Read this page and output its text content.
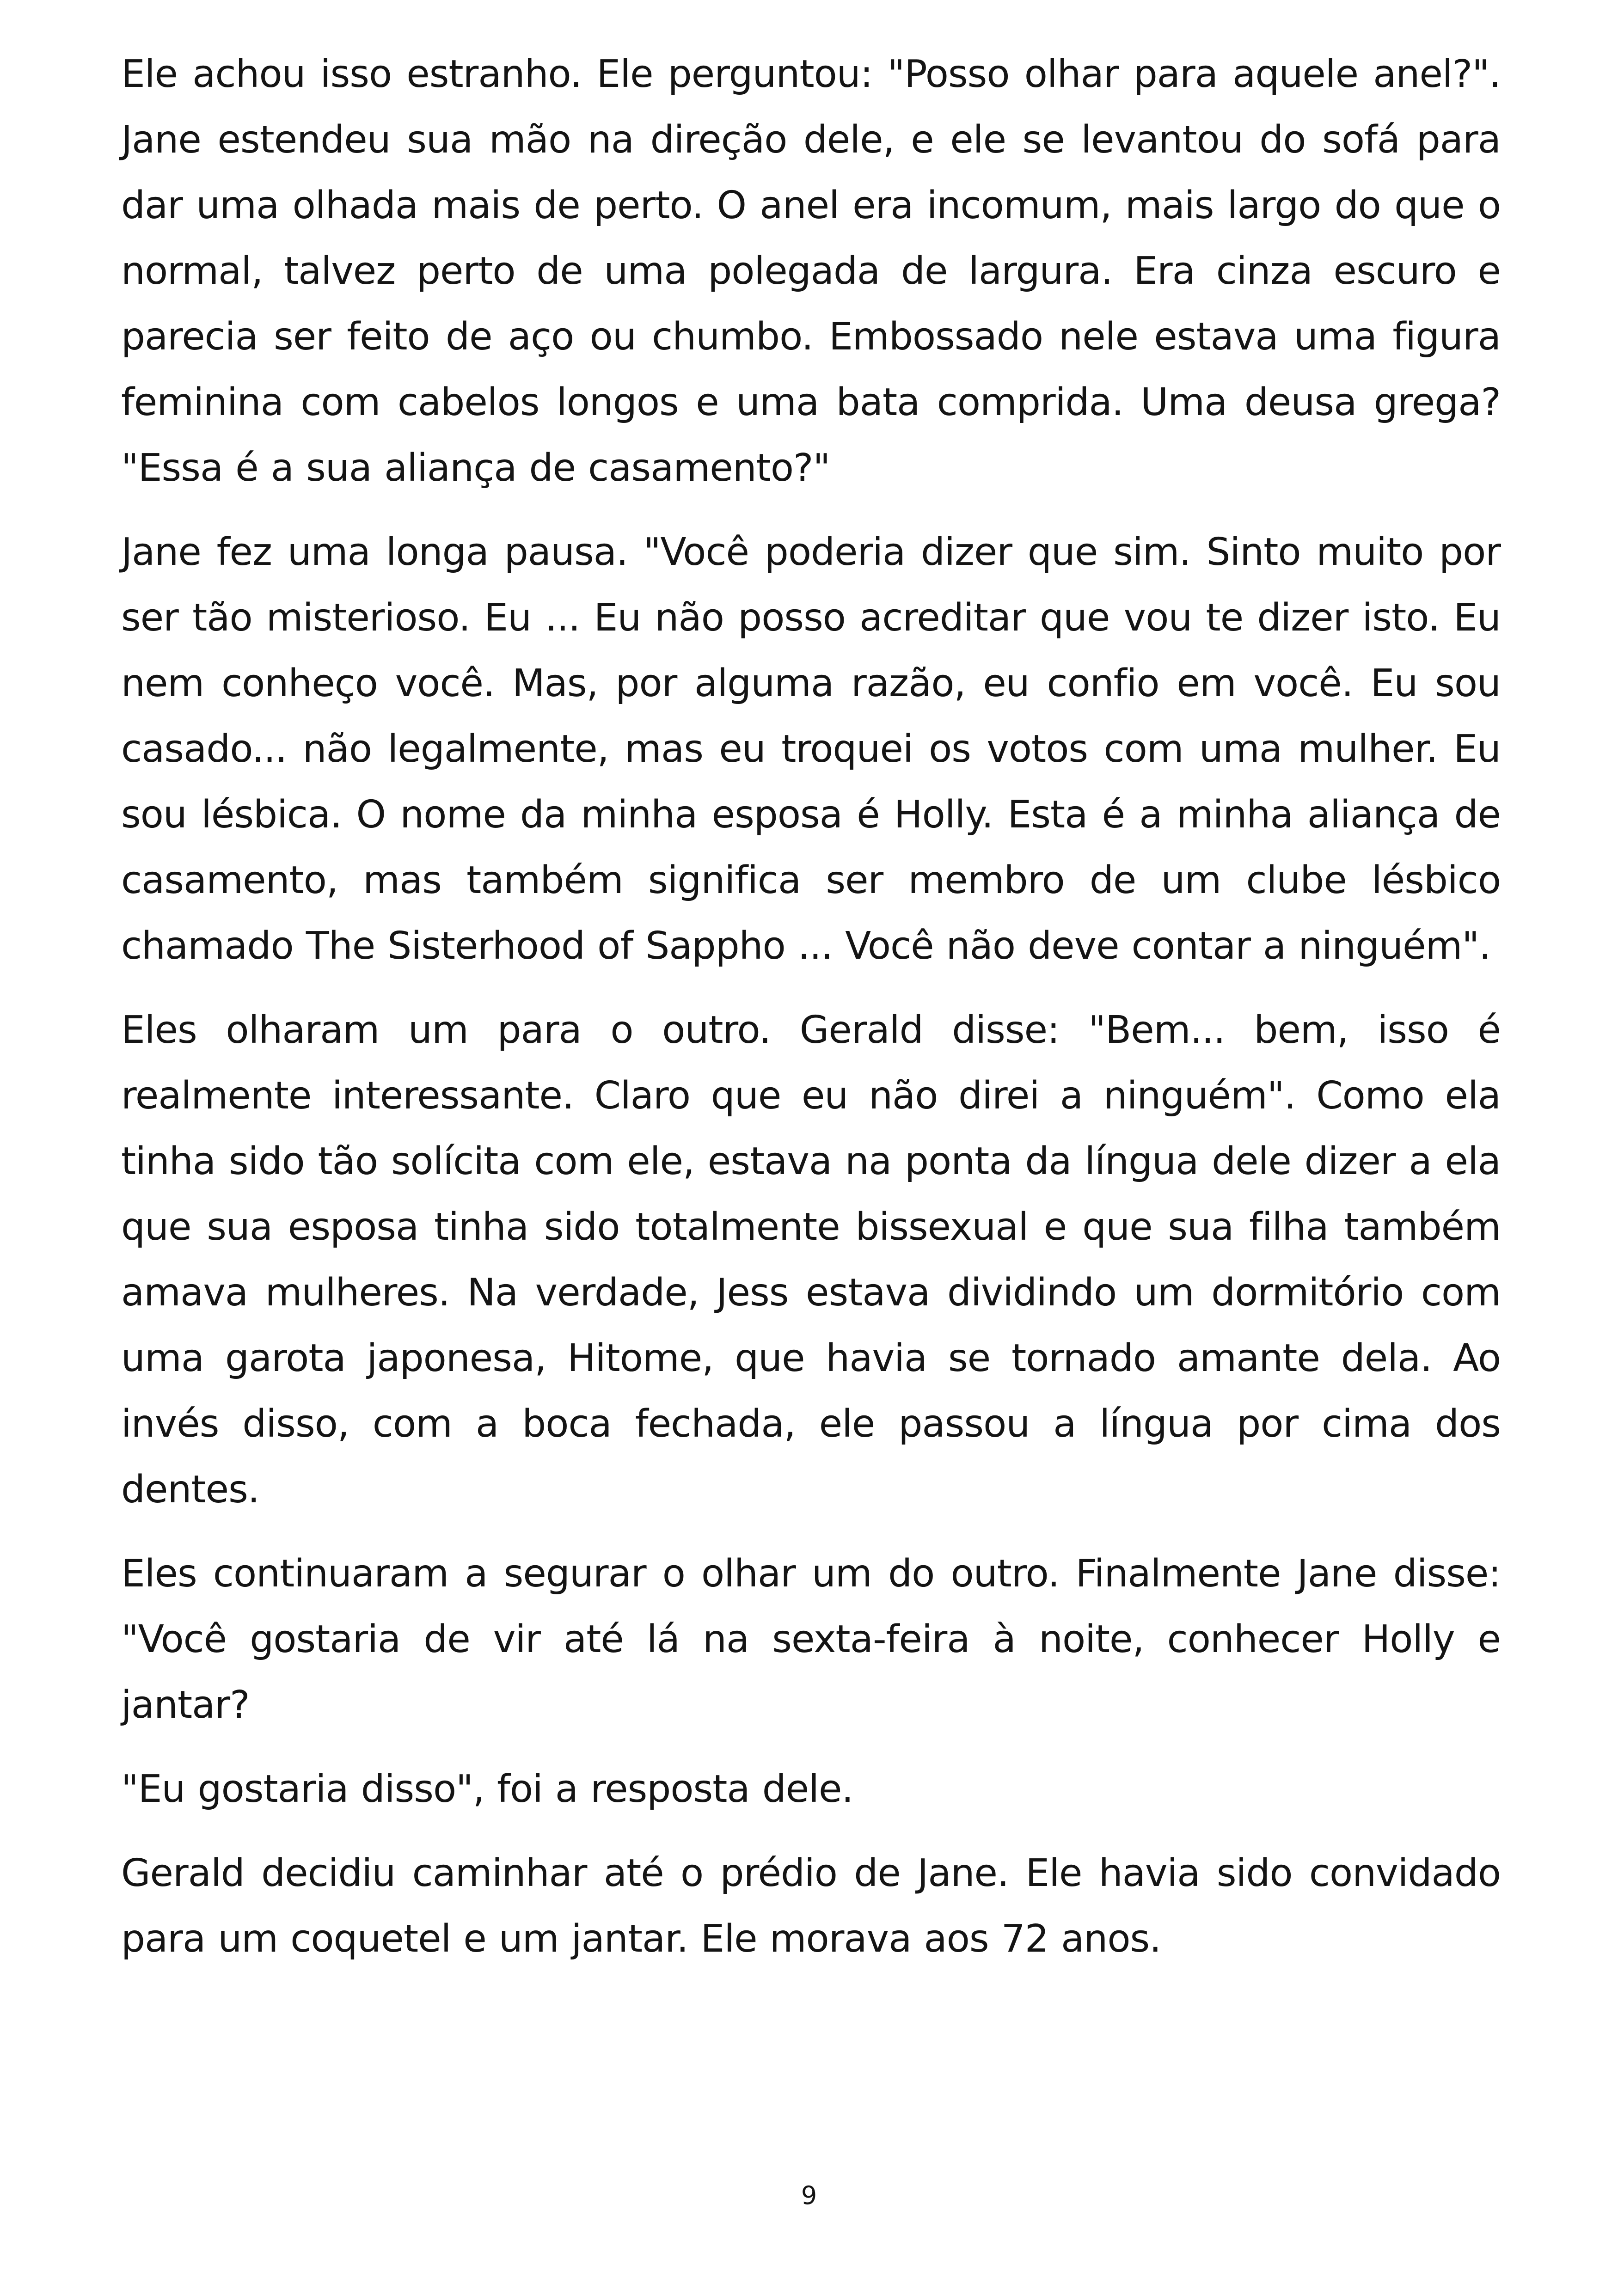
Ele achou isso estranho. Ele perguntou: "Posso olhar para aquele anel?". Jane estendeu sua mão na direção dele, e ele se levantou do sofá para dar uma olhada mais de perto. O anel era incomum, mais largo do que o normal, talvez perto de uma polegada de largura. Era cinza escuro e parecia ser feito de aço ou chumbo. Embossado nele estava uma figura feminina com cabelos longos e uma bata comprida. Uma deusa grega? "Essa é a sua aliança de casamento?"

Jane fez uma longa pausa. "Você poderia dizer que sim. Sinto muito por ser tão misterioso. Eu ... Eu não posso acreditar que vou te dizer isto. Eu nem conheço você. Mas, por alguma razão, eu confio em você. Eu sou casado... não legalmente, mas eu troquei os votos com uma mulher. Eu sou lésbica. O nome da minha esposa é Holly. Esta é a minha aliança de casamento, mas também significa ser membro de um clube lésbico chamado The Sisterhood of Sappho ... Você não deve contar a ninguém".

Eles olharam um para o outro. Gerald disse: "Bem... bem, isso é realmente interessante. Claro que eu não direi a ninguém". Como ela tinha sido tão solícita com ele, estava na ponta da língua dele dizer a ela que sua esposa tinha sido totalmente bissexual e que sua filha também amava mulheres. Na verdade, Jess estava dividindo um dormitório com uma garota japonesa, Hitome, que havia se tornado amante dela. Ao invés disso, com a boca fechada, ele passou a língua por cima dos dentes.

Eles continuaram a segurar o olhar um do outro. Finalmente Jane disse: "Você gostaria de vir até lá na sexta-feira à noite, conhecer Holly e jantar?

"Eu gostaria disso", foi a resposta dele.

Gerald decidiu caminhar até o prédio de Jane. Ele havia sido convidado para um coquetel e um jantar. Ele morava aos 72 anos.

9
